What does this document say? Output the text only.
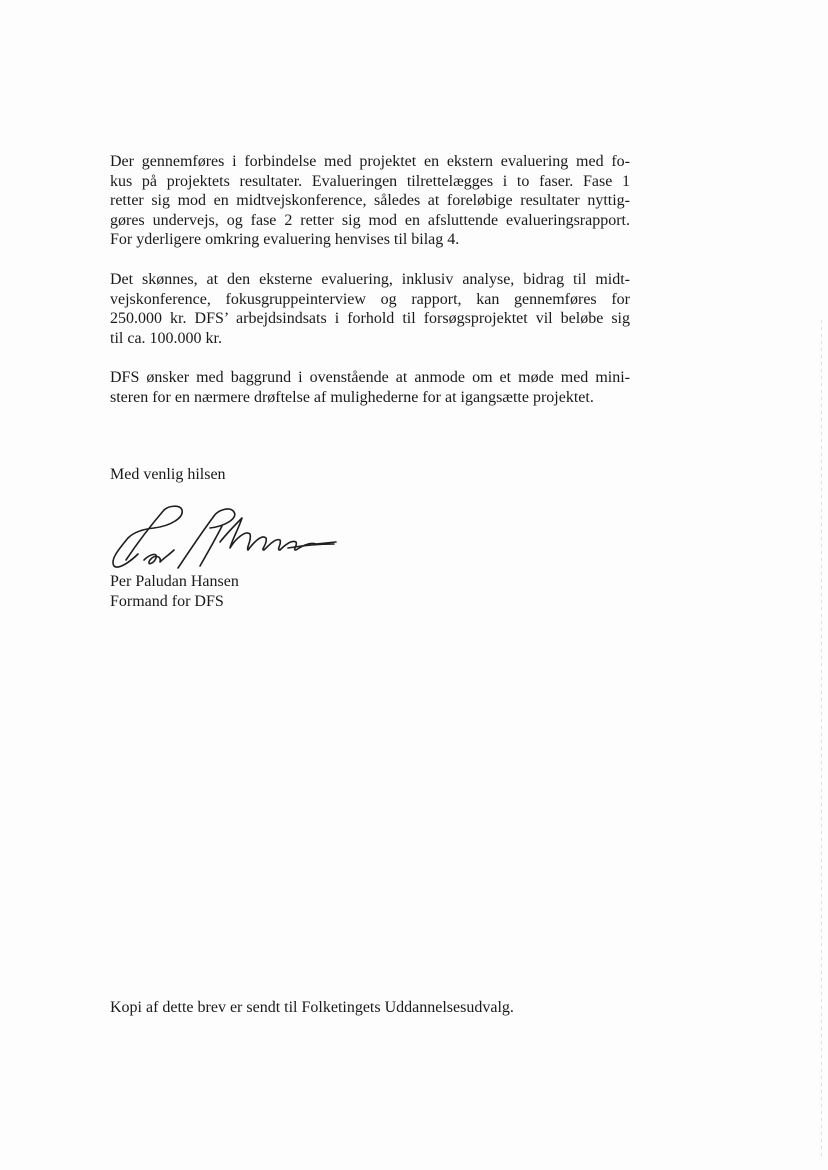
Der gennemføres i forbindelse med projektet en ekstern evaluering med fo-
kus på projektets resultater. Evalueringen tilrettelægges i to faser. Fase 1
retter sig mod en midtvejskonference, således at foreløbige resultater nyttig-
gøres undervejs, og fase 2 retter sig mod en afsluttende evalueringsrapport.
For yderligere omkring evaluering henvises til bilag 4.

Det skønnes, at den eksterne evaluering, inklusiv analyse, bidrag til midt-
vejskonference, fokusgruppeinterview og rapport, kan gennemføres for
250.000 kr. DFS’ arbejdsindsats i forhold til forsøgsprojektet vil beløbe sig
til ca. 100.000 kr.

DFS ønsker med baggrund i ovenstående at anmode om et møde med mini-
steren for en nærmere drøftelse af mulighederne for at igangsætte projektet.

Med venlig hilsen

Per Paludan Hansen
Formand for DFS
Kopi af dette brev er sendt til Folketingets Uddannelsesudvalg.
